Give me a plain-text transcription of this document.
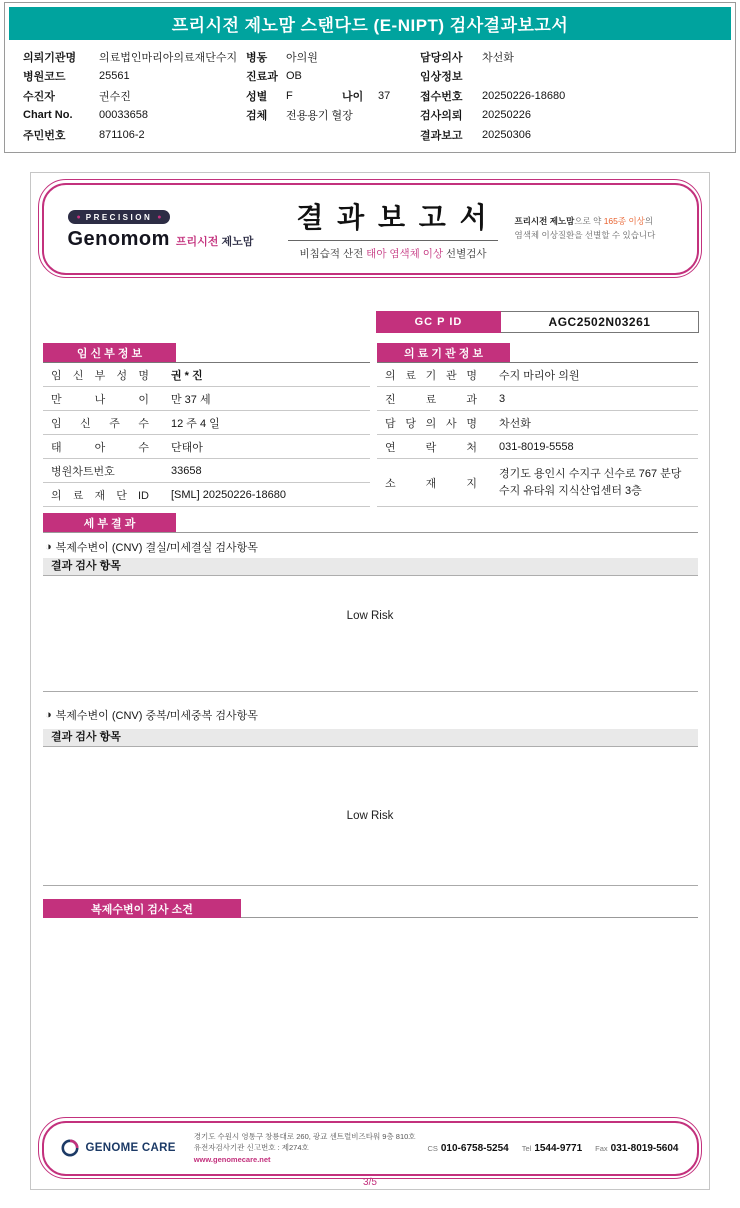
프리시전 제노맘 스탠다드 (E-NIPT) 검사결과보고서
의뢰기관명	의료법인마리아의료재단수지 병동	아의원	담당의사	차선화
병원코드	25561	진료과 OB	임상정보
수진자	권수진	성별	F	나이	37	접수번호	20250226-18680
Chart No.	00033658	검체	전용용기 혈장	검사의뢰	20250226
주민번호	871106-2	결과보고	20250306
● PRECISION ●
Genomom 프리시전 제노맘
결 과 보 고 서
비침습적 산전 태아 염색체 이상 선별검사
프리시전 제노맘으로 약 165종 이상의
염색체 이상질환을 선별할 수 있습니다
GC P ID	AGC2502N03261
임 신 부 정 보
임 신 부 성 명	권 * 진
만 나 이	만 37 세
임 신 주 수	12 주 4 일
태 아 수	단태아
병원차트번호	33658
의 료 재 단 ID	[SML] 20250226-18680
의 료 기 관 정 보
의 료 기 관 명	수지 마리아 의원
진 료 과	3
담 당 의 사 명	차선화
연 락 처	031-8019-5558
소 재 지
경기도 용인시 수지구 신수로 767 분당 수지 유타워 지식산업센터 3층
세 부 결 과
◑ 복제수변이 (CNV) 결실/미세결실 검사항목
결과 검사 항목
Low Risk
◑ 복제수변이 (CNV) 중복/미세중복 검사항목
결과 검사 항목
Low Risk
복제수변이 검사 소견
GENOME CARE
경기도 수원시 영통구 창룡대로 260, 광교 센트럴비즈타워 9층 810호
유전자검사기관 신고번호 : 제274호
www.genomecare.net
CS 010-6758-5254 Tel 1544-9771 Fax 031-8019-5604
3/5
